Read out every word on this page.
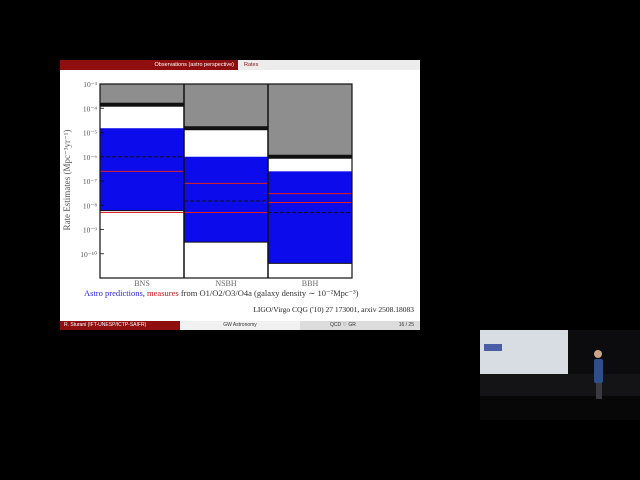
Observations (astro perspective)	Rates
Rate Estimates (Mpc⁻³yr⁻¹)
10⁻³
10⁻⁴
10⁻⁵
10⁻⁶
10⁻⁷
10⁻⁸
10⁻⁹
10⁻¹⁰
BNS	NSBH	BBH
Astro predictions, measures from O1/O2/O3/O4a (galaxy density ∼ 10⁻²Mpc⁻³)
LIGO/Virgo CQG ('10) 27 173001, arxiv 2508.18083
R. Sturani (IFT-UNESP/ICTP-SAIFR)	GW Astronomy	QCD ♡ GR	16 / 25
